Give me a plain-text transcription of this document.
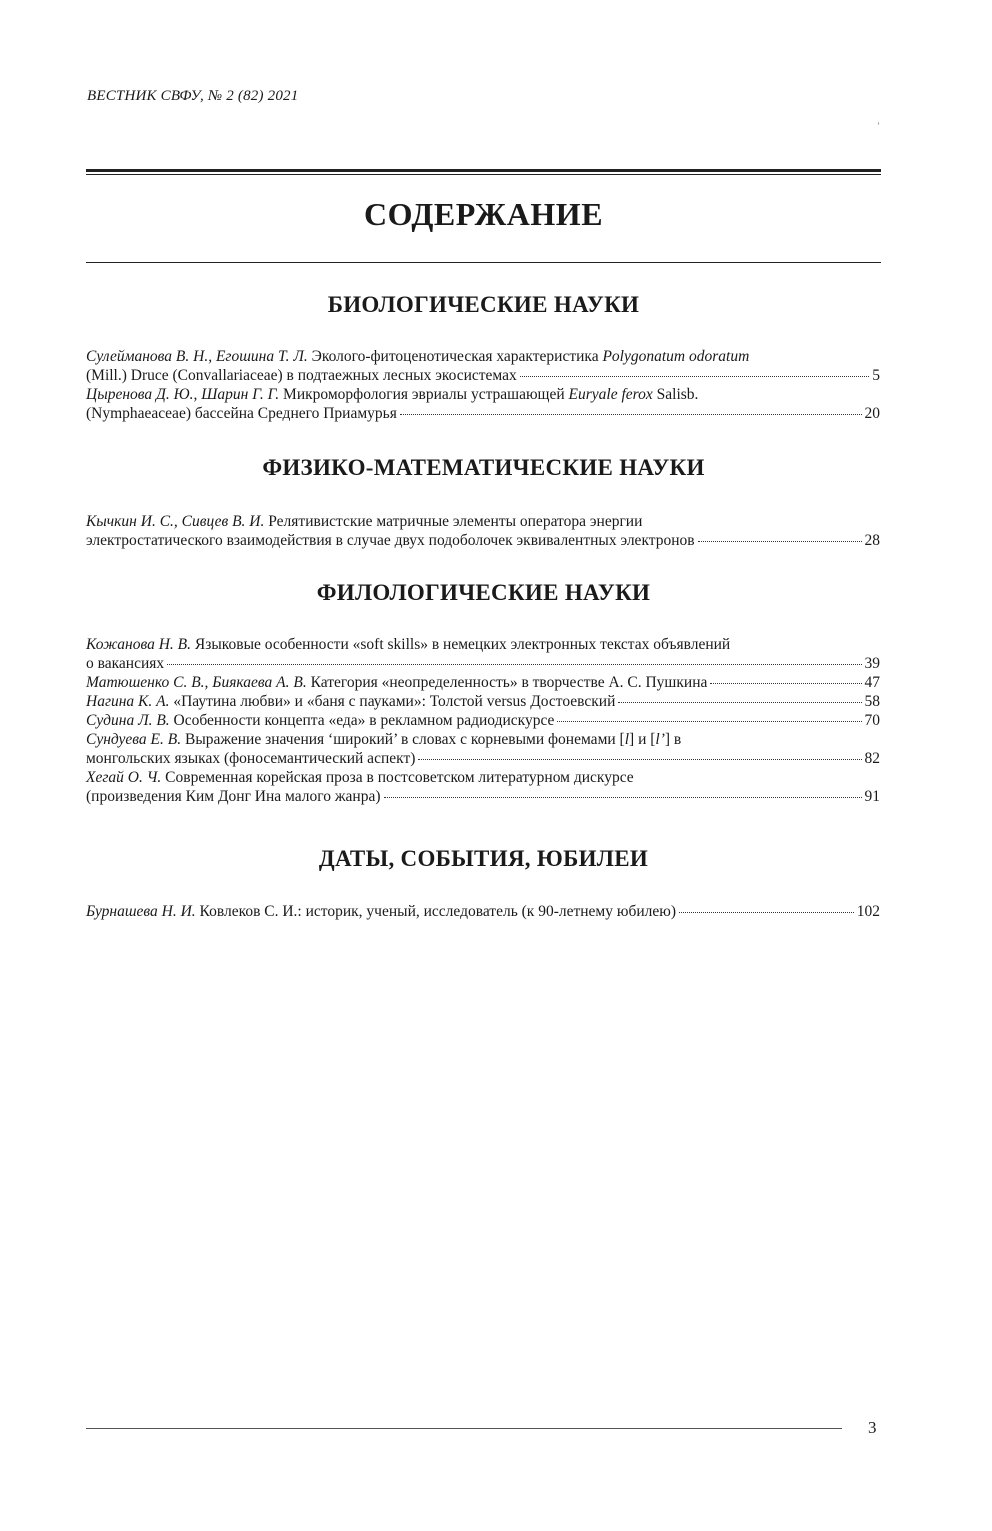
ВЕСТНИК СВФУ, № 2 (82) 2021
ʼ
СОДЕРЖАНИЕ
БИОЛОГИЧЕСКИЕ НАУКИ
Сулейманова В. Н., Егошина Т. Л. Эколого-фитоценотическая характеристика Polygonatum odoratum
(Mill.) Druce (Convallariaceae) в подтаежных лесных экосистемах	5
Цыренова Д. Ю., Шарин Г. Г. Микроморфология эвриалы устрашающей Euryale ferox Salisb.
(Nymphaeaceae) бассейна Среднего Приамурья	20
ФИЗИКО-МАТЕМАТИЧЕСКИЕ НАУКИ
Кычкин И. С., Сивцев В. И. Релятивистские матричные элементы оператора энергии
электростатического взаимодействия в случае двух подоболочек эквивалентных электронов	28
ФИЛОЛОГИЧЕСКИЕ НАУКИ
Кожанова Н. В. Языковые особенности «soft skills» в немецких электронных текстах объявлений
о вакансиях	39
Матюшенко С. В., Биякаева А. В. Категория «неопределенность» в творчестве А. С. Пушкина	47
Нагина К. А. «Паутина любви» и «баня с пауками»: Толстой versus Достоевский	58
Судина Л. В. Особенности концепта «еда» в рекламном радиодискурсе	70
Сундуева Е. В. Выражение значения ‘широкий’ в словах с корневыми фонемами [l] и [l’] в
монгольских языках (фоносемантический аспект)	82
Хегай О. Ч. Современная корейская проза в постсоветском литературном дискурсе
(произведения Ким Донг Ина малого жанра)	91
ДАТЫ, СОБЫТИЯ, ЮБИЛЕИ
Бурнашева Н. И. Ковлеков С. И.: историк, ученый, исследователь (к 90-летнему юбилею)	102
3
